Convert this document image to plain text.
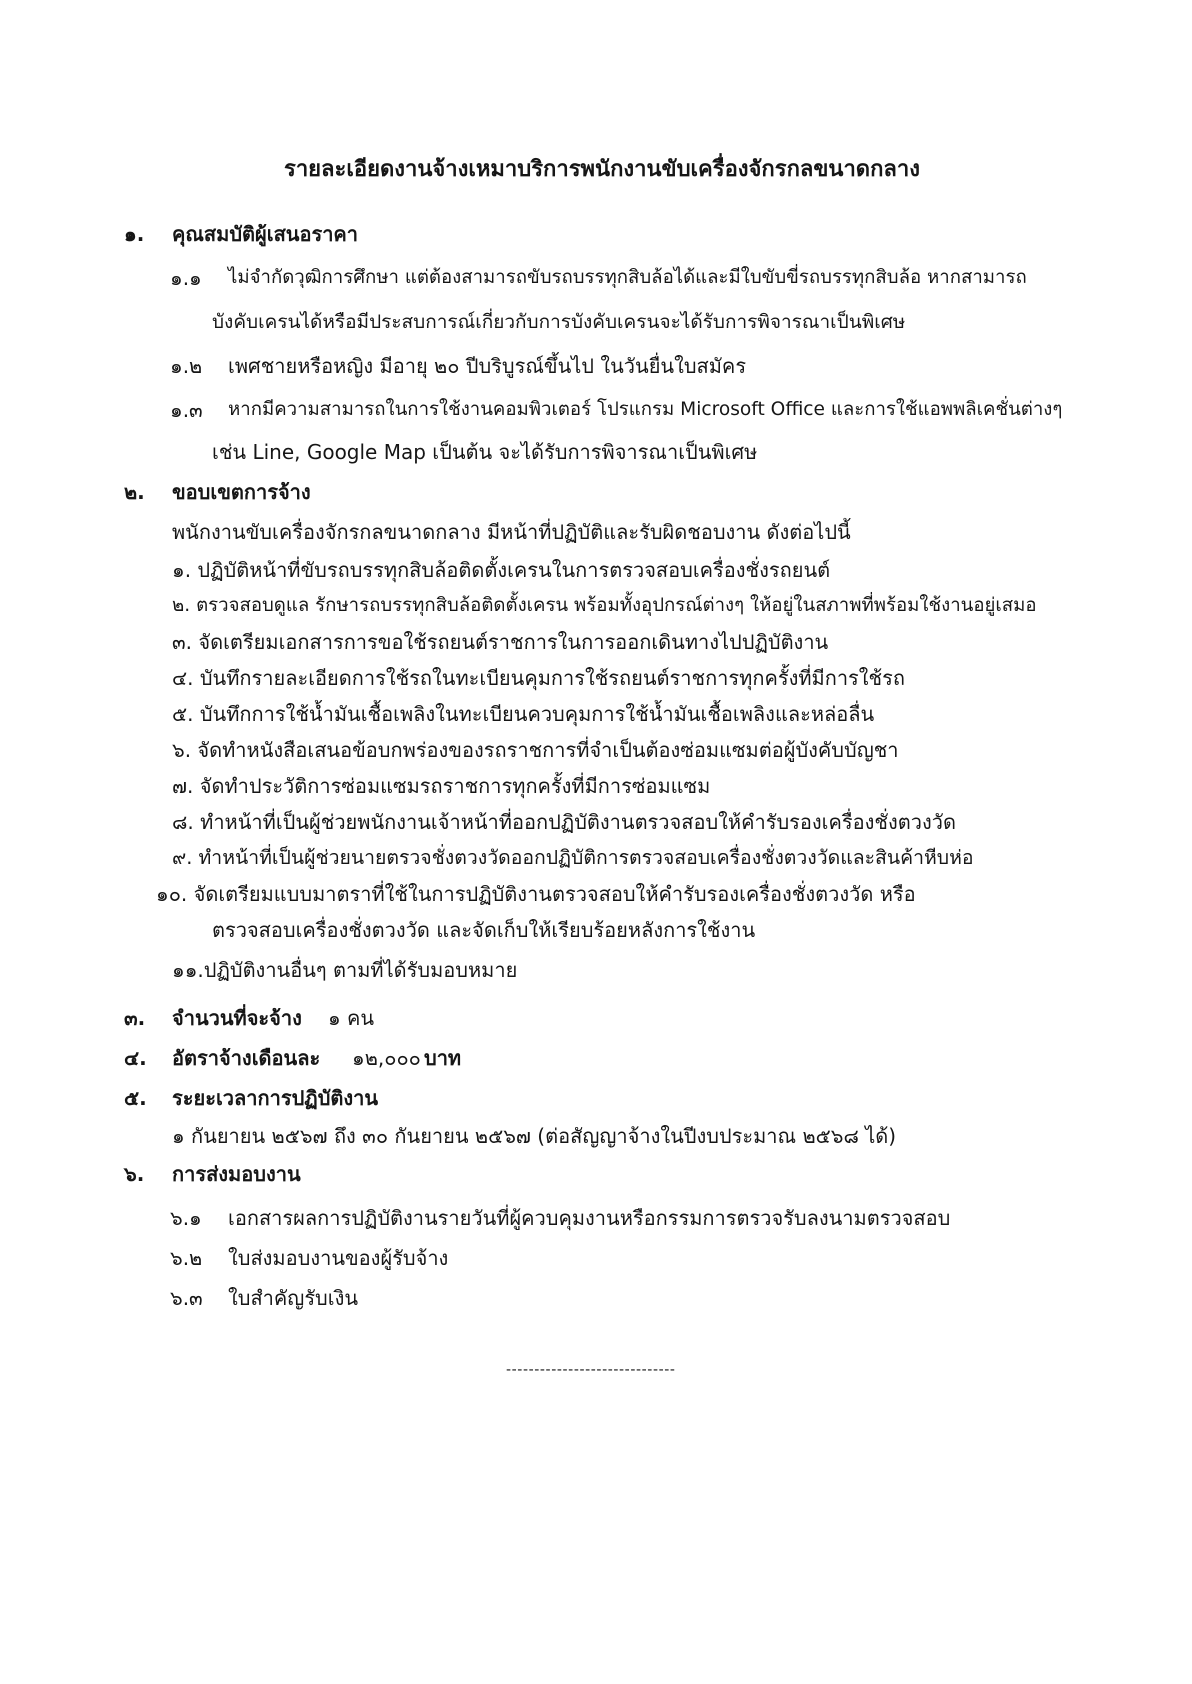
รายละเอียดงานจ้างเหมาบริการพนักงานขับเครื่องจักรกลขนาดกลาง
๑. คุณสมบัติผู้เสนอราคา
๑.๑ ไม่จำกัดวุฒิการศึกษา แต่ต้องสามารถขับรถบรรทุกสิบล้อได้และมีใบขับขี่รถบรรทุกสิบล้อ หากสามารถ
บังคับเครนได้หรือมีประสบการณ์เกี่ยวกับการบังคับเครนจะได้รับการพิจารณาเป็นพิเศษ
๑.๒ เพศชายหรือหญิง มีอายุ ๒๐ ปีบริบูรณ์ขึ้นไป ในวันยื่นใบสมัคร
๑.๓ หากมีความสามารถในการใช้งานคอมพิวเตอร์ โปรแกรม Microsoft Office และการใช้แอพพลิเคชั่นต่างๆ
เช่น Line, Google Map เป็นต้น จะได้รับการพิจารณาเป็นพิเศษ
๒. ขอบเขตการจ้าง
พนักงานขับเครื่องจักรกลขนาดกลาง มีหน้าที่ปฏิบัติและรับผิดชอบงาน ดังต่อไปนี้
๑. ปฏิบัติหน้าที่ขับรถบรรทุกสิบล้อติดตั้งเครนในการตรวจสอบเครื่องชั่งรถยนต์
๒. ตรวจสอบดูแล รักษารถบรรทุกสิบล้อติดตั้งเครน พร้อมทั้งอุปกรณ์ต่างๆ ให้อยู่ในสภาพที่พร้อมใช้งานอยู่เสมอ
๓. จัดเตรียมเอกสารการขอใช้รถยนต์ราชการในการออกเดินทางไปปฏิบัติงาน
๔. บันทึกรายละเอียดการใช้รถในทะเบียนคุมการใช้รถยนต์ราชการทุกครั้งที่มีการใช้รถ
๕. บันทึกการใช้น้ำมันเชื้อเพลิงในทะเบียนควบคุมการใช้น้ำมันเชื้อเพลิงและหล่อลื่น
๖. จัดทำหนังสือเสนอข้อบกพร่องของรถราชการที่จำเป็นต้องซ่อมแซมต่อผู้บังคับบัญชา
๗. จัดทำประวัติการซ่อมแซมรถราชการทุกครั้งที่มีการซ่อมแซม
๘. ทำหน้าที่เป็นผู้ช่วยพนักงานเจ้าหน้าที่ออกปฏิบัติงานตรวจสอบให้คำรับรองเครื่องชั่งตวงวัด
๙. ทำหน้าที่เป็นผู้ช่วยนายตรวจชั่งตวงวัดออกปฏิบัติการตรวจสอบเครื่องชั่งตวงวัดและสินค้าหีบห่อ
๑๐. จัดเตรียมแบบมาตราที่ใช้ในการปฏิบัติงานตรวจสอบให้คำรับรองเครื่องชั่งตวงวัด หรือ
ตรวจสอบเครื่องชั่งตวงวัด และจัดเก็บให้เรียบร้อยหลังการใช้งาน
๑๑.ปฏิบัติงานอื่นๆ ตามที่ได้รับมอบหมาย
๓. จำนวนที่จะจ้าง ๑ คน
๔. อัตราจ้างเดือนละ ๑๒,๐๐๐ บาท
๕. ระยะเวลาการปฏิบัติงาน
๑ กันยายน ๒๕๖๗ ถึง ๓๐ กันยายน ๒๕๖๗ (ต่อสัญญาจ้างในปีงบประมาณ ๒๕๖๘ ได้)
๖. การส่งมอบงาน
๖.๑ เอกสารผลการปฏิบัติงานรายวันที่ผู้ควบคุมงานหรือกรรมการตรวจรับลงนามตรวจสอบ
๖.๒ ใบส่งมอบงานของผู้รับจ้าง
๖.๓ ใบสำคัญรับเงิน
------------------------------
